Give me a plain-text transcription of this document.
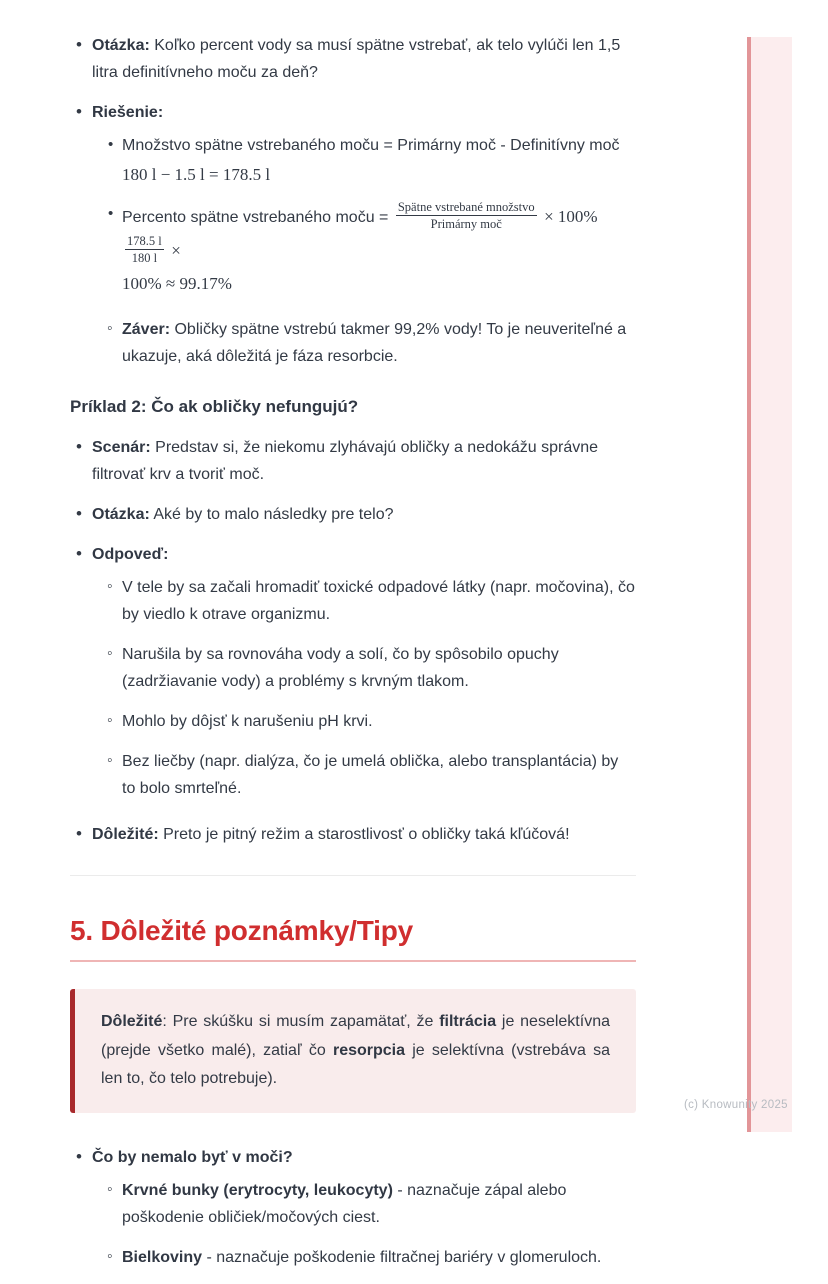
(c) Knowunity 2025
• Otázka: Koľko percent vody sa musí spätne vstrebať, ak telo vylúči len 1,5 litra definitívneho moču za deň?
• Riešenie:
• Množstvo spätne vstrebaného moču = Primárny moč - Definitívny moč
180 l − 1.5 l = 178.5 l
• Percento spätne vstrebaného moču = $\frac{\text{Spätne vstrebané množstvo}}{\text{Primárny moč}} \times 100\%$
$\frac{178.5 l}{180 l}$ ×
100% ≈ 99.17%
◦ Záver: Obličky spätne vstrebú takmer 99,2% vody! To je neuveriteľné a ukazuje, aká dôležitá je fáza resorbcie.
Príklad 2: Čo ak obličky nefungujú?
• Scenár: Predstav si, že niekomu zlyhávajú obličky a nedokážu správne filtrovať krv a tvoriť moč.
• Otázka: Aké by to malo následky pre telo?
• Odpoveď:
◦ V tele by sa začali hromadiť toxické odpadové látky (napr. močovina), čo by viedlo k otrave organizmu.
◦ Narušila by sa rovnováha vody a solí, čo by spôsobilo opuchy (zadržiavanie vody) a problémy s krvným tlakom.
◦ Mohlo by dôjsť k narušeniu pH krvi.
◦ Bez liečby (napr. dialýza, čo je umelá oblička, alebo transplantácia) by to bolo smrteľné.
• Dôležité: Preto je pitný režim a starostlivosť o obličky taká kľúčová!
5. Dôležité poznámky/Tipy
Dôležité: Pre skúšku si musím zapamätať, že filtrácia je neselektívna (prejde všetko malé), zatiaľ čo resorpcia je selektívna (vstrebáva sa len to, čo telo potrebuje).
• Čo by nemalo byť v moči?
◦ Krvné bunky (erytrocyty, leukocyty) - naznačuje zápal alebo poškodenie obličiek/močových ciest.
◦ Bielkoviny - naznačuje poškodenie filtračnej bariéry v glomeruloch.
